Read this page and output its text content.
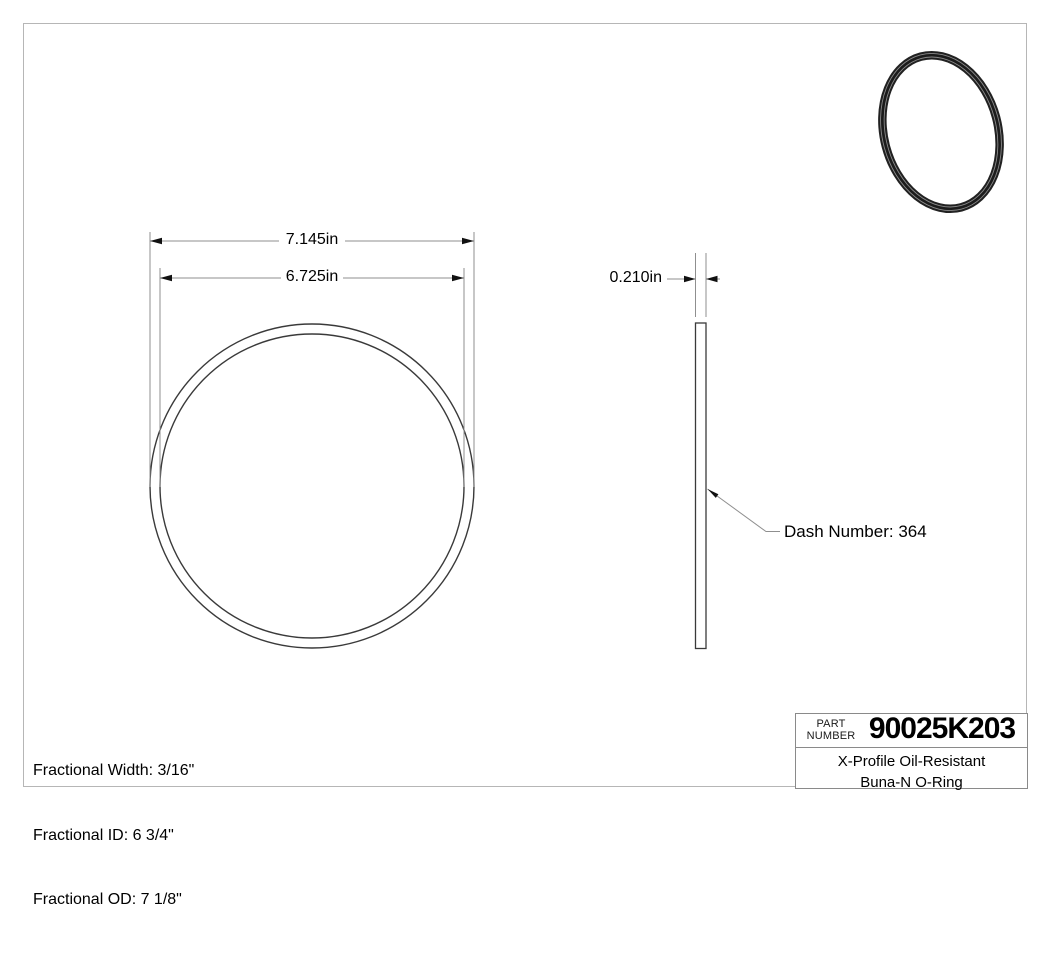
7.145in
6.725in	0.210in
Dash Number: 364

Fractional Width: 3/16"

Fractional ID: 6 3/4"

Fractional OD: 7 1/8"

PART
NUMBER 90025K203
X-Profile Oil-Resistant
Buna-N O-Ring
